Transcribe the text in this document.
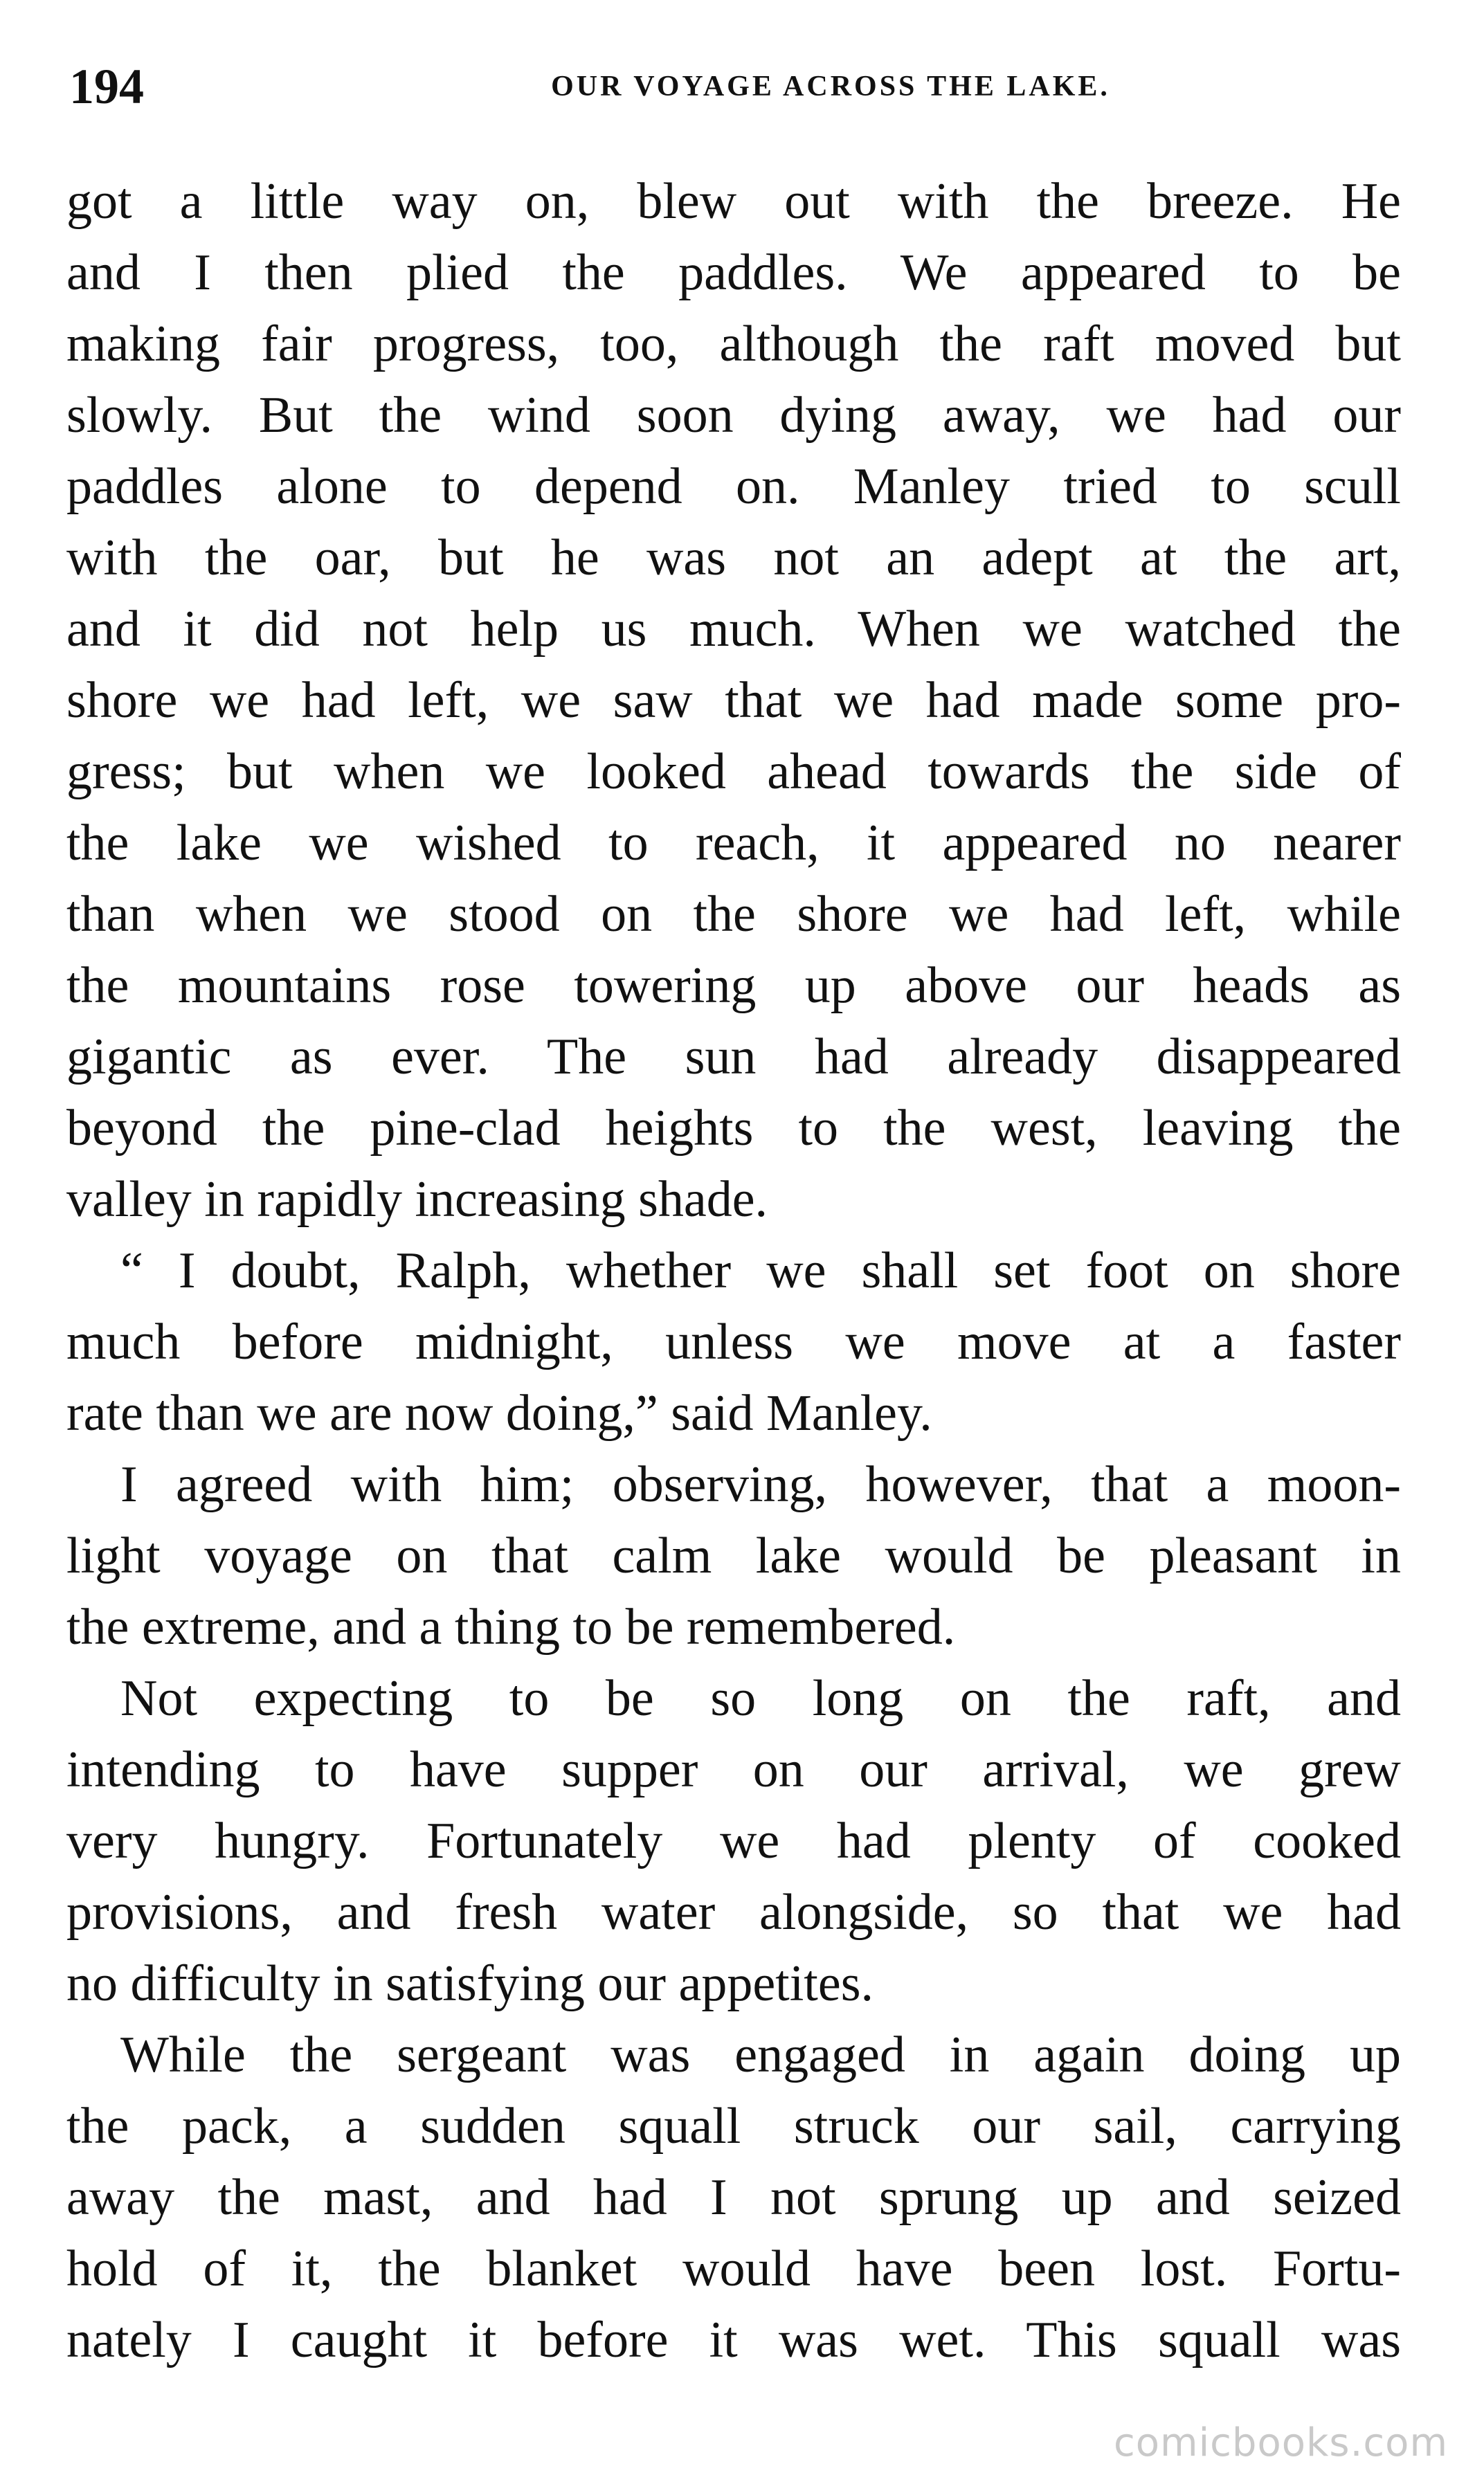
194	OUR VOYAGE ACROSS THE LAKE.
got a little way on, blew out with the breeze. He
and I then plied the paddles. We appeared to be
making fair progress, too, although the raft moved but
slowly. But the wind soon dying away, we had our
paddles alone to depend on. Manley tried to scull
with the oar, but he was not an adept at the art,
and it did not help us much. When we watched the
shore we had left, we saw that we had made some pro-
gress; but when we looked ahead towards the side of
the lake we wished to reach, it appeared no nearer
than when we stood on the shore we had left, while
the mountains rose towering up above our heads as
gigantic as ever. The sun had already disappeared
beyond the pine-clad heights to the west, leaving the
valley in rapidly increasing shade.
“ I doubt, Ralph, whether we shall set foot on shore
much before midnight, unless we move at a faster
rate than we are now doing,” said Manley.
I agreed with him; observing, however, that a moon-
light voyage on that calm lake would be pleasant in
the extreme, and a thing to be remembered.
Not expecting to be so long on the raft, and
intending to have supper on our arrival, we grew
very hungry. Fortunately we had plenty of cooked
provisions, and fresh water alongside, so that we had
no difficulty in satisfying our appetites.
While the sergeant was engaged in again doing up
the pack, a sudden squall struck our sail, carrying
away the mast, and had I not sprung up and seized
hold of it, the blanket would have been lost. Fortu-
nately I caught it before it was wet. This squall was
comicbooks.com
